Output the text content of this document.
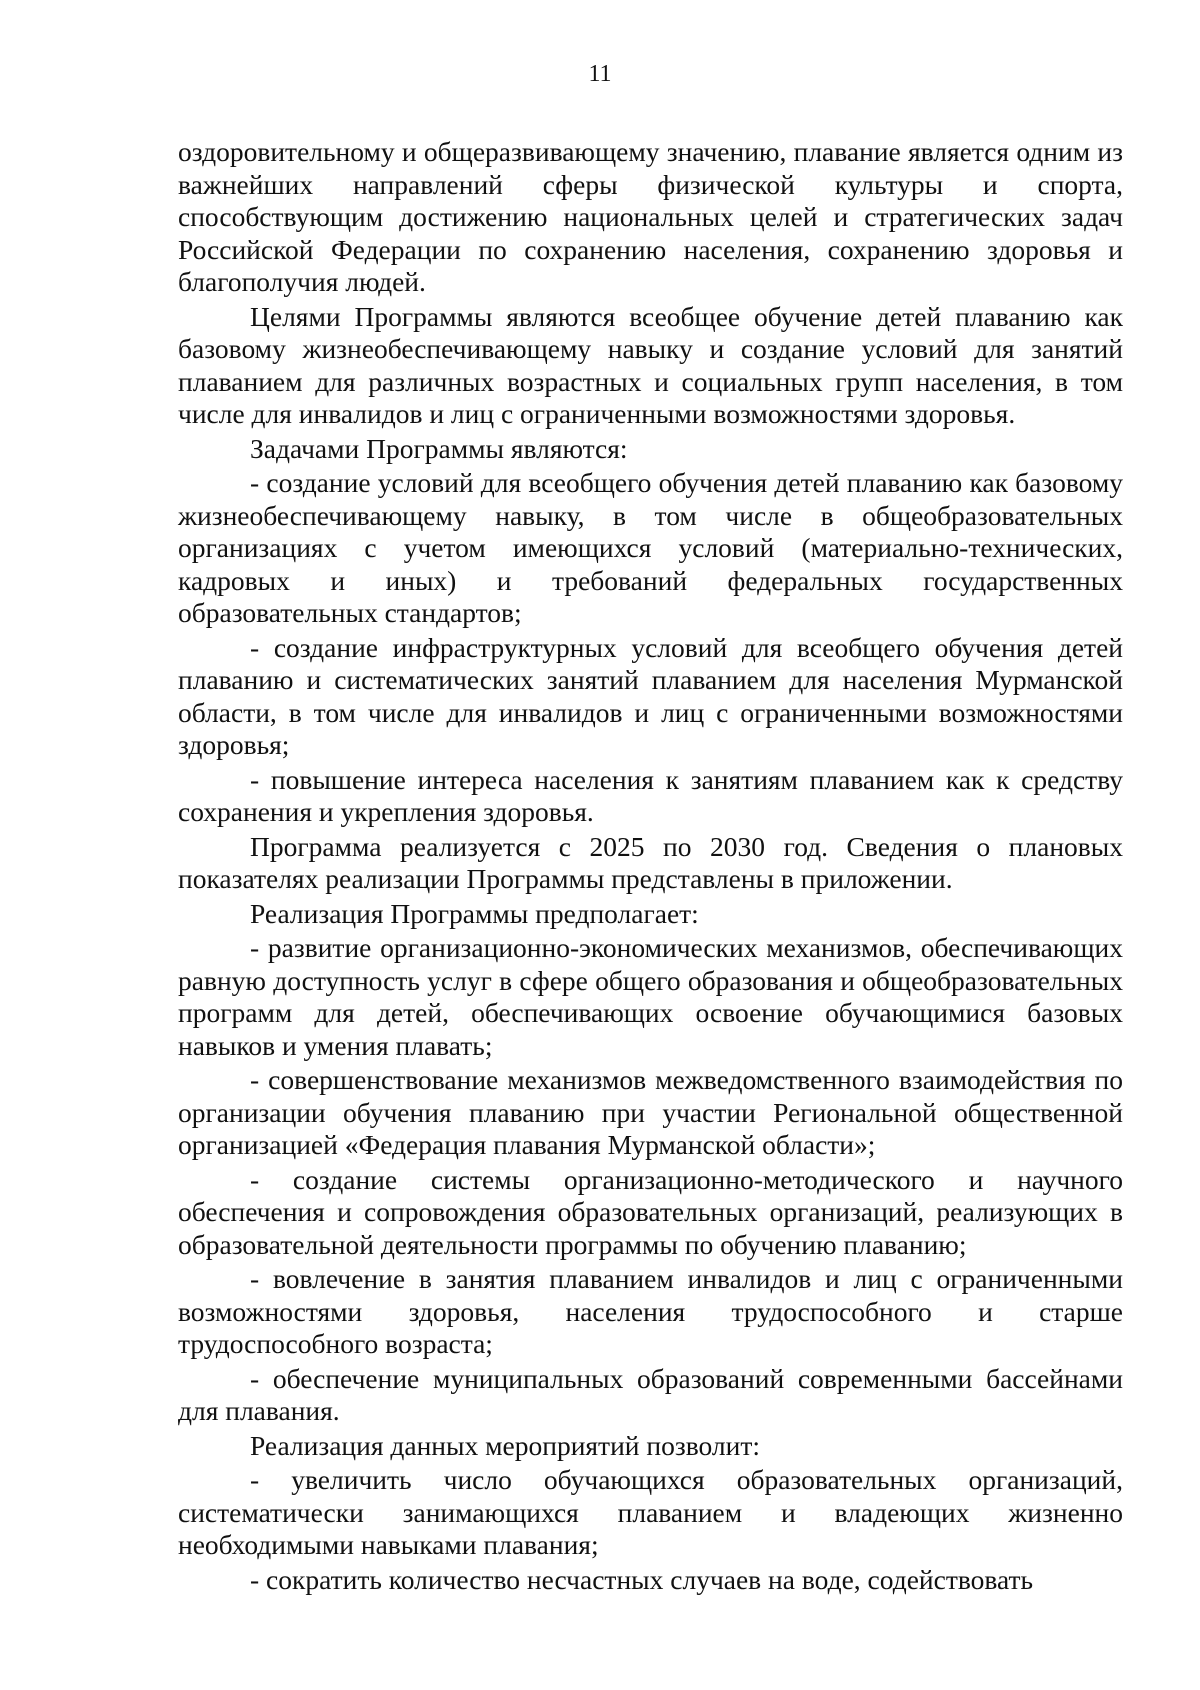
11

оздоровительному и общеразвивающему значению, плавание является одним из важнейших направлений сферы физической культуры и спорта, способствующим достижению национальных целей и стратегических задач Российской Федерации по сохранению населения, сохранению здоровья и благополучия людей.

Целями Программы являются всеобщее обучение детей плаванию как базовому жизнеобеспечивающему навыку и создание условий для занятий плаванием для различных возрастных и социальных групп населения, в том числе для инвалидов и лиц с ограниченными возможностями здоровья.

Задачами Программы являются:

- создание условий для всеобщего обучения детей плаванию как базовому жизнеобеспечивающему навыку, в том числе в общеобразовательных организациях с учетом имеющихся условий (материально-технических, кадровых и иных) и требований федеральных государственных образовательных стандартов;

- создание инфраструктурных условий для всеобщего обучения детей плаванию и систематических занятий плаванием для населения Мурманской области, в том числе для инвалидов и лиц с ограниченными возможностями здоровья;

- повышение интереса населения к занятиям плаванием как к средству сохранения и укрепления здоровья.

Программа реализуется с 2025 по 2030 год. Сведения о плановых показателях реализации Программы представлены в приложении.

Реализация Программы предполагает:

- развитие организационно-экономических механизмов, обеспечивающих равную доступность услуг в сфере общего образования и общеобразовательных программ для детей, обеспечивающих освоение обучающимися базовых навыков и умения плавать;

- совершенствование механизмов межведомственного взаимодействия по организации обучения плаванию при участии Региональной общественной организацией «Федерация плавания Мурманской области»;

- создание системы организационно-методического и научного обеспечения и сопровождения образовательных организаций, реализующих в образовательной деятельности программы по обучению плаванию;

- вовлечение в занятия плаванием инвалидов и лиц с ограниченными возможностями здоровья, населения трудоспособного и старше трудоспособного возраста;

- обеспечение муниципальных образований современными бассейнами для плавания.

Реализация данных мероприятий позволит:

- увеличить число обучающихся образовательных организаций, систематически занимающихся плаванием и владеющих жизненно необходимыми навыками плавания;

- сократить количество несчастных случаев на воде, содействовать
